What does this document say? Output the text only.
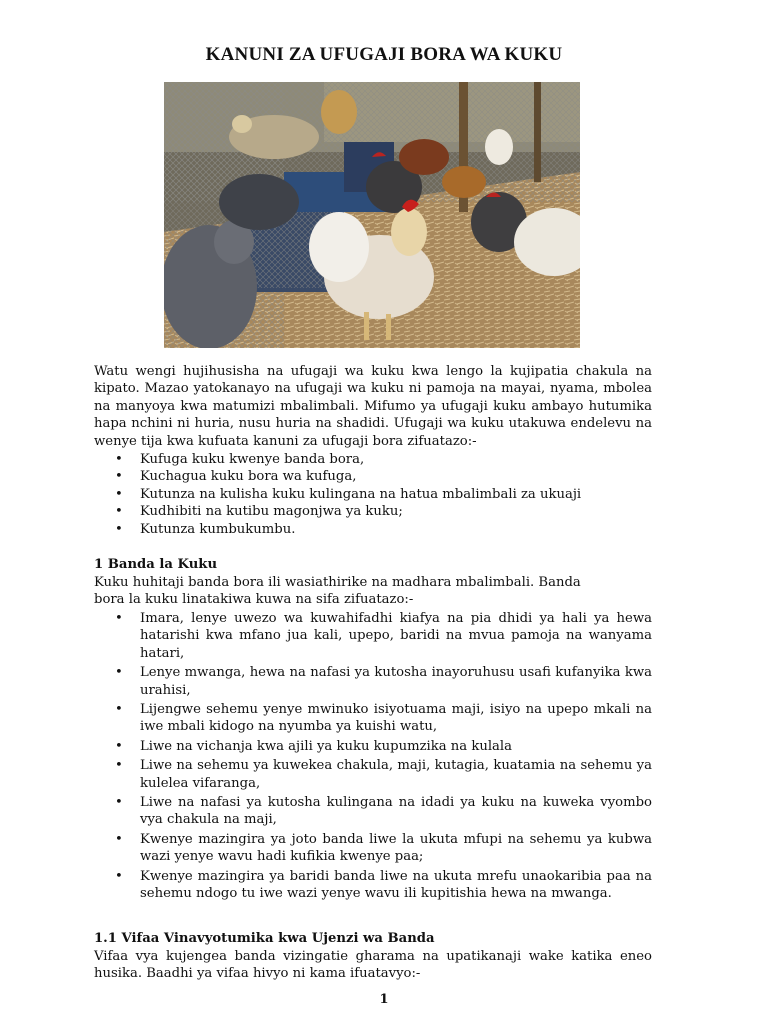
KANUNI ZA UFUGAJI BORA WA KUKU
Watu wengi hujihusisha na ufugaji wa kuku kwa lengo la kujipatia chakula na kipato. Mazao yatokanayo na ufugaji wa kuku ni pamoja na mayai, nyama, mbolea na manyoya kwa matumizi mbalimbali. Mifumo ya ufugaji kuku ambayo hutumika hapa nchini ni huria, nusu huria na shadidi. Ufugaji wa kuku utakuwa endelevu na wenye tija kwa kufuata kanuni za ufugaji bora zifuatazo:-
• Kufuga kuku kwenye banda bora,
• Kuchagua kuku bora wa kufuga,
• Kutunza na kulisha kuku kulingana na hatua mbalimbali za ukuaji
• Kudhibiti na kutibu magonjwa ya kuku;
• Kutunza kumbukumbu.
1 Banda la Kuku
Kuku huhitaji banda bora ili wasiathirike na madhara mbalimbali. Banda
bora la kuku linatakiwa kuwa na sifa zifuatazo:-
• Imara, lenye uwezo wa kuwahifadhi kiafya na pia dhidi ya hali ya hewa hatarishi kwa mfano jua kali, upepo, baridi na mvua pamoja na wanyama hatari,
• Lenye mwanga, hewa na nafasi ya kutosha inayoruhusu usafi kufanyika kwa urahisi,
• Lijengwe sehemu yenye mwinuko isiyotuama maji, isiyo na upepo mkali na iwe mbali kidogo na nyumba ya kuishi watu,
• Liwe na vichanja kwa ajili ya kuku kupumzika na kulala
• Liwe na sehemu ya kuwekea chakula, maji, kutagia, kuatamia na sehemu ya kulelea vifaranga,
• Liwe na nafasi ya kutosha kulingana na idadi ya kuku na kuweka vyombo vya chakula na maji,
• Kwenye mazingira ya joto banda liwe la ukuta mfupi na sehemu ya kubwa wazi yenye wavu hadi kufikia kwenye paa;
• Kwenye mazingira ya baridi banda liwe na ukuta mrefu unaokaribia paa na sehemu ndogo tu iwe wazi yenye wavu ili kupitishia hewa na mwanga.
1.1 Vifaa Vinavyotumika kwa Ujenzi wa Banda
Vifaa vya kujengea banda vizingatie gharama na upatikanaji wake katika eneo husika. Baadhi ya vifaa hivyo ni kama ifuatavyo:-
1
